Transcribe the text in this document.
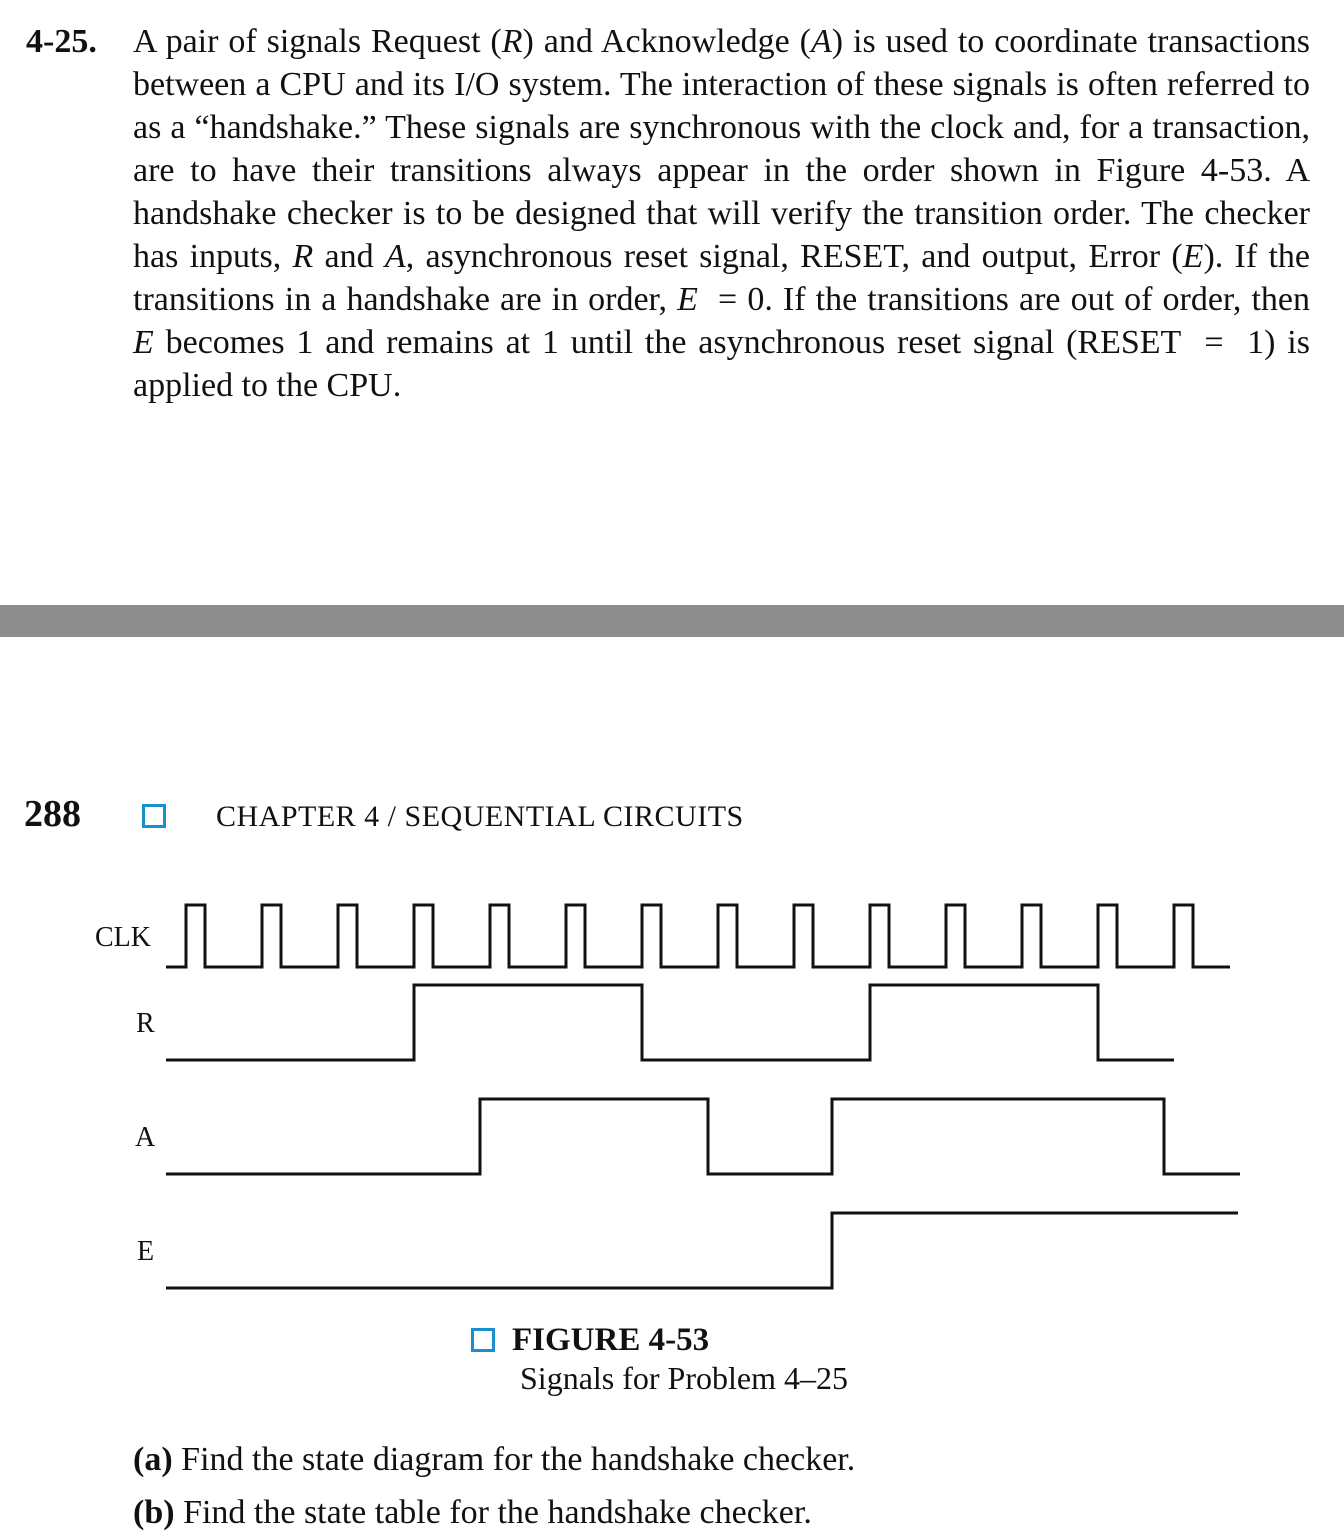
4-25. A pair of signals Request (R) and Acknowledge (A) is used to coordinate transactions between a CPU and its I/O system. The interaction of these signals is often referred to as a “handshake.” These signals are synchronous with the clock and, for a transaction, are to have their transitions always appear in the order shown in Figure 4-53. A handshake checker is to be designed that will verify the transition order. The checker has inputs, R and A, asynchronous reset signal, RESET, and output, Error (E). If the transitions in a handshake are in order, E  = 0. If the transitions are out of order, then E becomes 1 and remains at 1 until the asynchronous reset signal (RESET  =  1) is applied to the CPU.

288	CHAPTER 4 / SEQUENTIAL CIRCUITS
CLK
R
A
E
FIGURE 4-53
Signals for Problem 4–25
(a) Find the state diagram for the handshake checker.
(b) Find the state table for the handshake checker.
